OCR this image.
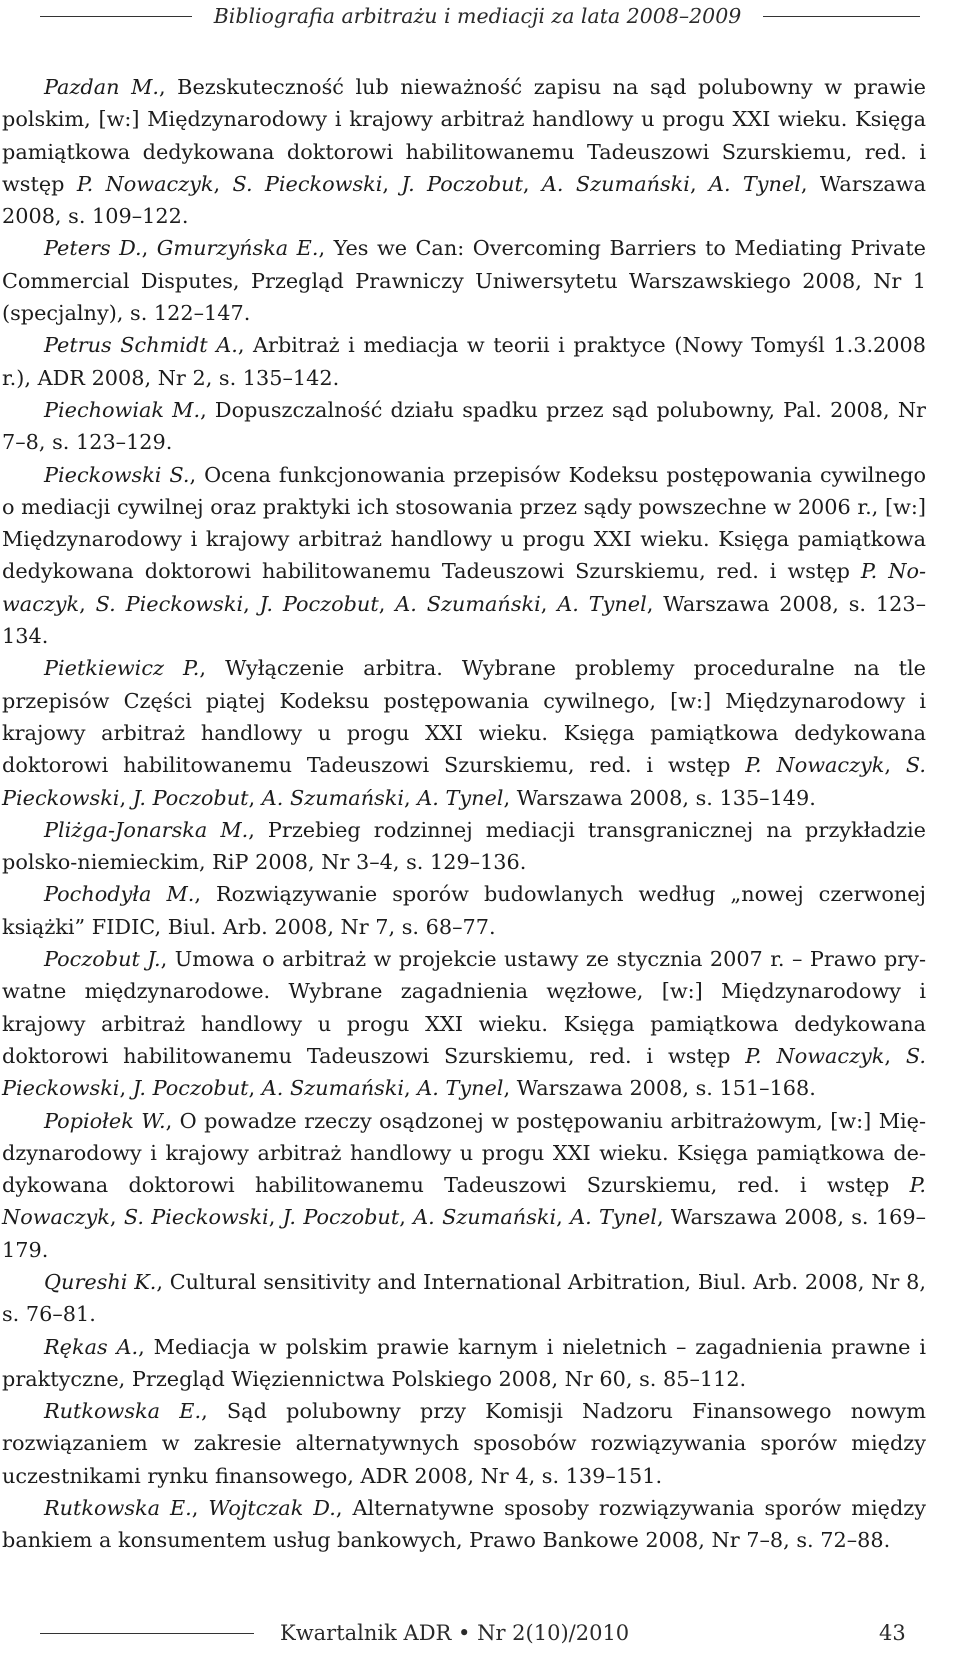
Bibliografia arbitrażu i mediacji za lata 2008–2009

Pazdan M., Bezskuteczność lub nieważność zapisu na sąd polubowny w prawie polskim, [w:] Międzynarodowy i krajowy arbitraż handlowy u progu XXI wieku. Księga pamiątkowa dedykowana doktorowi habilitowanemu Tadeuszowi Szurskiemu, red. i wstęp P. Nowaczyk, S. Pieckowski, J. Poczobut, A. Szumański, A. Tynel, Warszawa 2008, s. 109–122.

Peters D., Gmurzyńska E., Yes we Can: Overcoming Barriers to Mediating Private Commercial Disputes, Przegląd Prawniczy Uniwersytetu Warszawskiego 2008, Nr 1 (specjalny), s. 122–147.

Petrus Schmidt A., Arbitraż i mediacja w teorii i praktyce (Nowy Tomyśl 1.3.2008 r.), ADR 2008, Nr 2, s. 135–142.

Piechowiak M., Dopuszczalność działu spadku przez sąd polubowny, Pal. 2008, Nr 7–8, s. 123–129.

Pieckowski S., Ocena funkcjonowania przepisów Kodeksu postępowania cywilnego o mediacji cywilnej oraz praktyki ich stosowania przez sądy powszechne w 2006 r., [w:] Międzynarodowy i krajowy arbitraż handlowy u progu XXI wieku. Księga pamiątkowa dedykowana doktorowi habilitowanemu Tadeuszowi Szurskiemu, red. i wstęp P. Nowaczyk, S. Pieckowski, J. Poczobut, A. Szumański, A. Tynel, Warszawa 2008, s. 123–134.

Pietkiewicz P., Wyłączenie arbitra. Wybrane problemy proceduralne na tle przepisów Części piątej Kodeksu postępowania cywilnego, [w:] Międzynarodowy i krajowy arbitraż handlowy u progu XXI wieku. Księga pamiątkowa dedykowana doktorowi habilitowanemu Tadeuszowi Szurskiemu, red. i wstęp P. Nowaczyk, S. Pieckowski, J. Poczobut, A. Szumański, A. Tynel, Warszawa 2008, s. 135–149.

Pliżga-Jonarska M., Przebieg rodzinnej mediacji transgranicznej na przykładzie polsko-niemieckim, RiP 2008, Nr 3–4, s. 129–136.

Pochodyła M., Rozwiązywanie sporów budowlanych według „nowej czerwonej książki” FIDIC, Biul. Arb. 2008, Nr 7, s. 68–77.

Poczobut J., Umowa o arbitraż w projekcie ustawy ze stycznia 2007 r. – Prawo prywatne międzynarodowe. Wybrane zagadnienia węzłowe, [w:] Międzynarodowy i krajowy arbitraż handlowy u progu XXI wieku. Księga pamiątkowa dedykowana doktorowi habilitowanemu Tadeuszowi Szurskiemu, red. i wstęp P. Nowaczyk, S. Pieckowski, J. Poczobut, A. Szumański, A. Tynel, Warszawa 2008, s. 151–168.

Popiołek W., O powadze rzeczy osądzonej w postępowaniu arbitrażowym, [w:] Międzynarodowy i krajowy arbitraż handlowy u progu XXI wieku. Księga pamiątkowa dedykowana doktorowi habilitowanemu Tadeuszowi Szurskiemu, red. i wstęp P. Nowaczyk, S. Pieckowski, J. Poczobut, A. Szumański, A. Tynel, Warszawa 2008, s. 169–179.

Qureshi K., Cultural sensitivity and International Arbitration, Biul. Arb. 2008, Nr 8, s. 76–81.

Rękas A., Mediacja w polskim prawie karnym i nieletnich – zagadnienia prawne i praktyczne, Przegląd Więziennictwa Polskiego 2008, Nr 60, s. 85–112.

Rutkowska E., Sąd polubowny przy Komisji Nadzoru Finansowego nowym rozwiązaniem w zakresie alternatywnych sposobów rozwiązywania sporów między uczestnikami rynku finansowego, ADR 2008, Nr 4, s. 139–151.

Rutkowska E., Wojtczak D., Alternatywne sposoby rozwiązywania sporów między bankiem a konsumentem usług bankowych, Prawo Bankowe 2008, Nr 7–8, s. 72–88.

Kwartalnik ADR • Nr 2(10)/2010	43
